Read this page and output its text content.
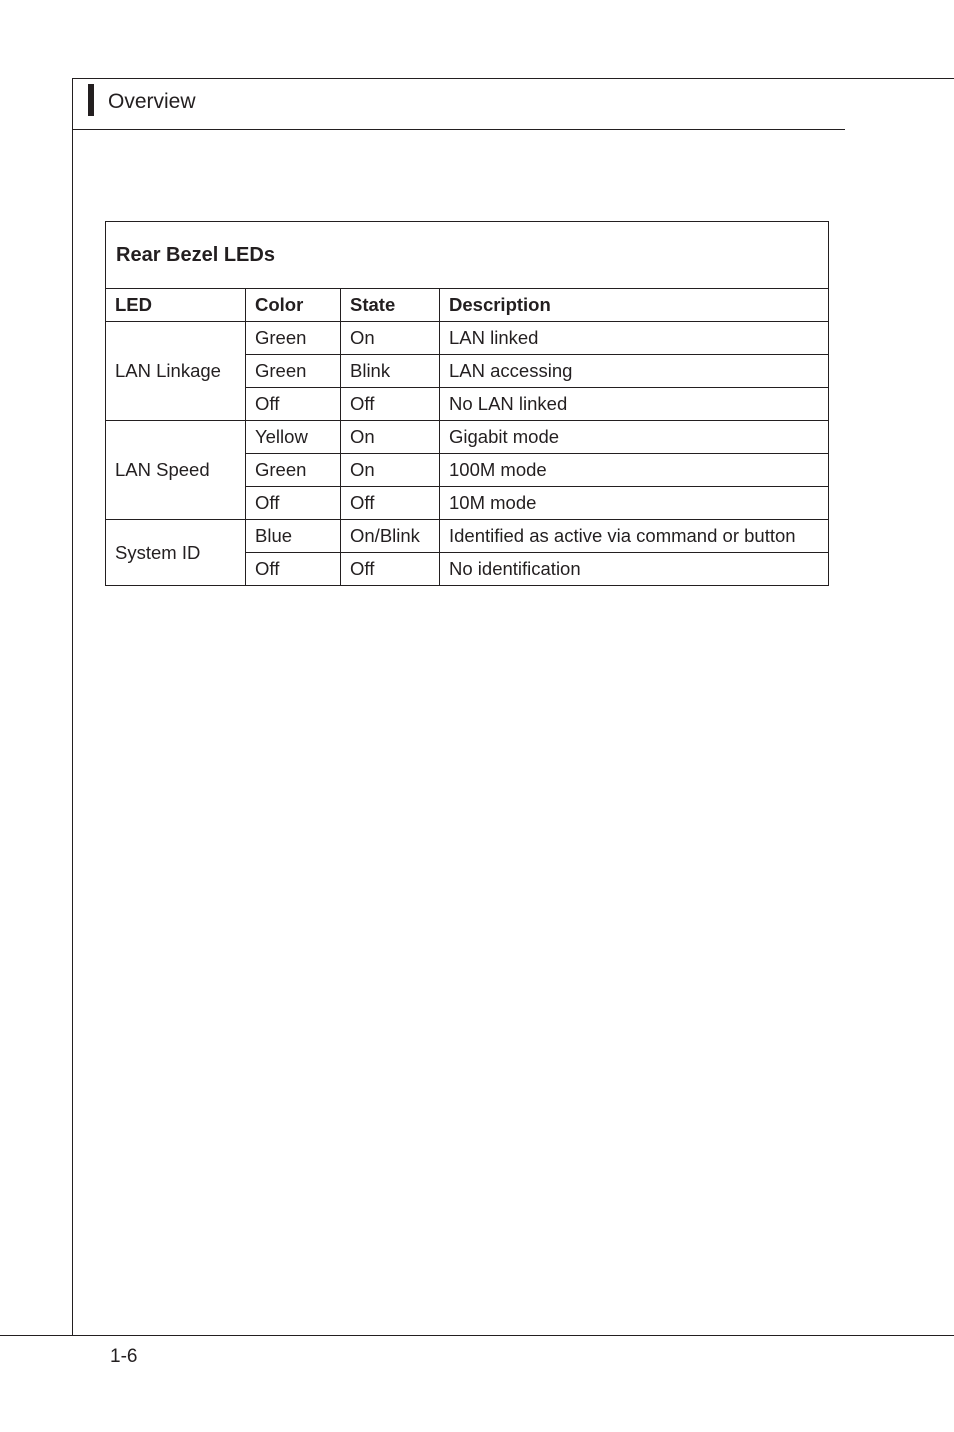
Overview
Rear Bezel LEDs			
LED	Color	State	Description
LAN Linkage	Green	On	LAN linked
	Green	Blink	LAN accessing
	Off	Off	No LAN linked
LAN Speed	Yellow	On	Gigabit mode
	Green	On	100M mode
	Off	Off	10M mode
System ID	Blue	On/Blink	Identified as active via command or button
	Off	Off	No identification
1-6
